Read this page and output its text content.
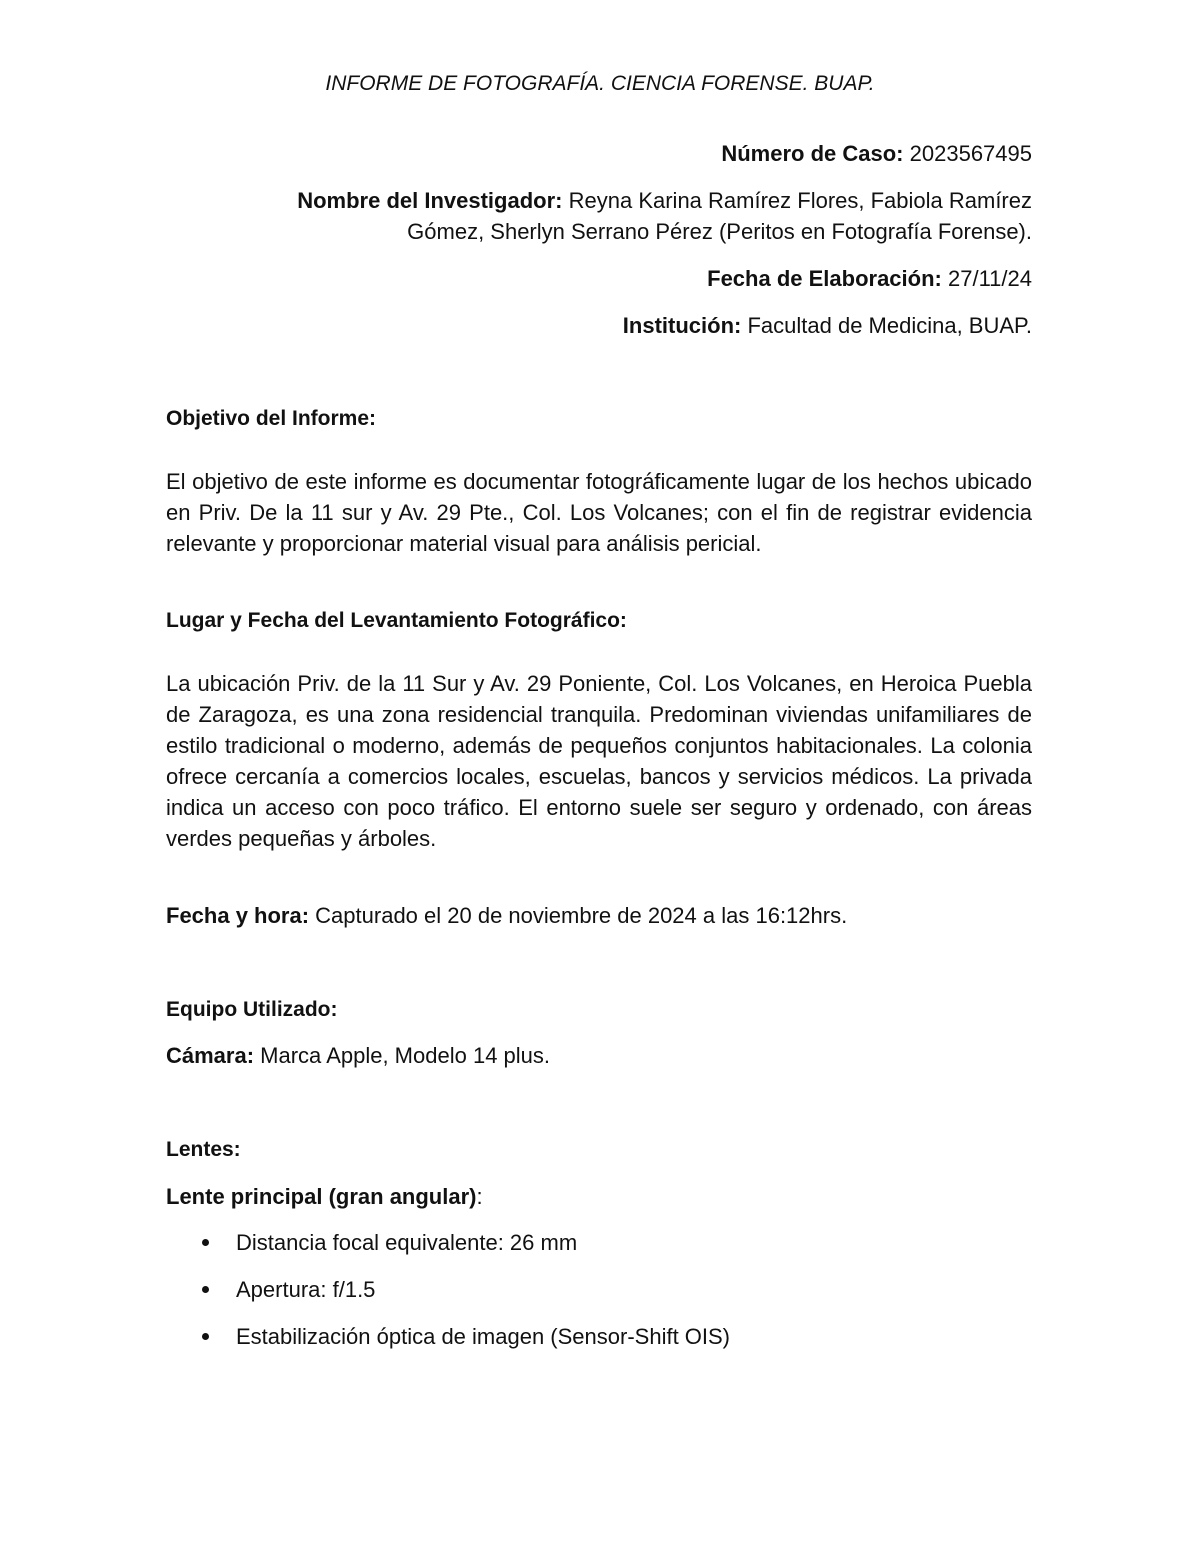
INFORME DE FOTOGRAFÍA. CIENCIA FORENSE. BUAP.
Número de Caso: 2023567495
Nombre del Investigador: Reyna Karina Ramírez Flores, Fabiola Ramírez
Gómez, Sherlyn Serrano Pérez (Peritos en Fotografía Forense).
Fecha de Elaboración: 27/11/24
Institución: Facultad de Medicina, BUAP.
Objetivo del Informe:
El objetivo de este informe es documentar fotográficamente lugar de los hechos ubicado en Priv. De la 11 sur y Av. 29 Pte., Col. Los Volcanes; con el fin de registrar evidencia relevante y proporcionar material visual para análisis pericial.
Lugar y Fecha del Levantamiento Fotográfico:
La ubicación Priv. de la 11 Sur y Av. 29 Poniente, Col. Los Volcanes, en Heroica Puebla de Zaragoza, es una zona residencial tranquila. Predominan viviendas unifamiliares de estilo tradicional o moderno, además de pequeños conjuntos habitacionales. La colonia ofrece cercanía a comercios locales, escuelas, bancos y servicios médicos. La privada indica un acceso con poco tráfico. El entorno suele ser seguro y ordenado, con áreas verdes pequeñas y árboles.
Fecha y hora: Capturado el 20 de noviembre de 2024 a las 16:12hrs.
Equipo Utilizado:
Cámara: Marca Apple, Modelo 14 plus.
Lentes:
Lente principal (gran angular):
Distancia focal equivalente: 26 mm
Apertura: f/1.5
Estabilización óptica de imagen (Sensor-Shift OIS)
